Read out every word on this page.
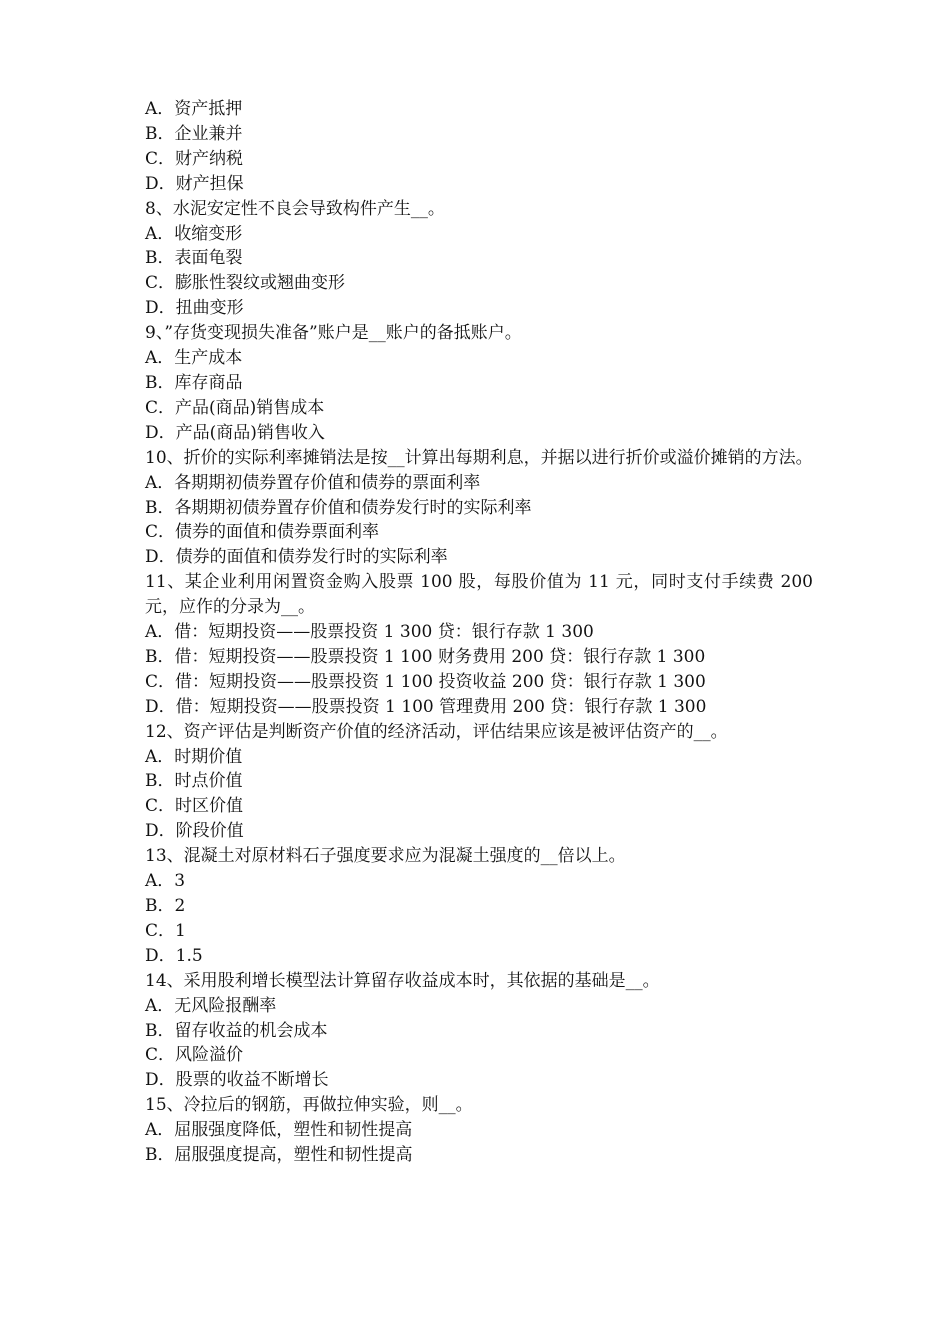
A．资产抵押
B．企业兼并
C．财产纳税
D．财产担保
8、水泥安定性不良会导致构件产生__。
A．收缩变形
B．表面龟裂
C．膨胀性裂纹或翘曲变形
D．扭曲变形
9、”存货变现损失准备”账户是__账户的备抵账户。
A．生产成本
B．库存商品
C．产品(商品)销售成本
D．产品(商品)销售收入
10、折价的实际利率摊销法是按__计算出每期利息，并据以进行折价或溢价摊销的方法。
A．各期期初债券置存价值和债券的票面利率
B．各期期初债券置存价值和债券发行时的实际利率
C．债券的面值和债券票面利率
D．债券的面值和债券发行时的实际利率
11、某企业利用闲置资金购入股票 100 股，每股价值为 11 元，同时支付手续费 200 元，应作的分录为__。
A．借：短期投资——股票投资 1 300 贷：银行存款 1 300
B．借：短期投资——股票投资 1 100 财务费用 200 贷：银行存款 1 300
C．借：短期投资——股票投资 1 100 投资收益 200 贷：银行存款 1 300
D．借：短期投资——股票投资 1 100 管理费用 200 贷：银行存款 1 300
12、资产评估是判断资产价值的经济活动，评估结果应该是被评估资产的__。
A．时期价值
B．时点价值
C．时区价值
D．阶段价值
13、混凝土对原材料石子强度要求应为混凝土强度的__倍以上。
A．3
B．2
C．1
D．1.5
14、采用股利增长模型法计算留存收益成本时，其依据的基础是__。
A．无风险报酬率
B．留存收益的机会成本
C．风险溢价
D．股票的收益不断增长
15、冷拉后的钢筋，再做拉伸实验，则__。
A．屈服强度降低，塑性和韧性提高
B．屈服强度提高，塑性和韧性提高
